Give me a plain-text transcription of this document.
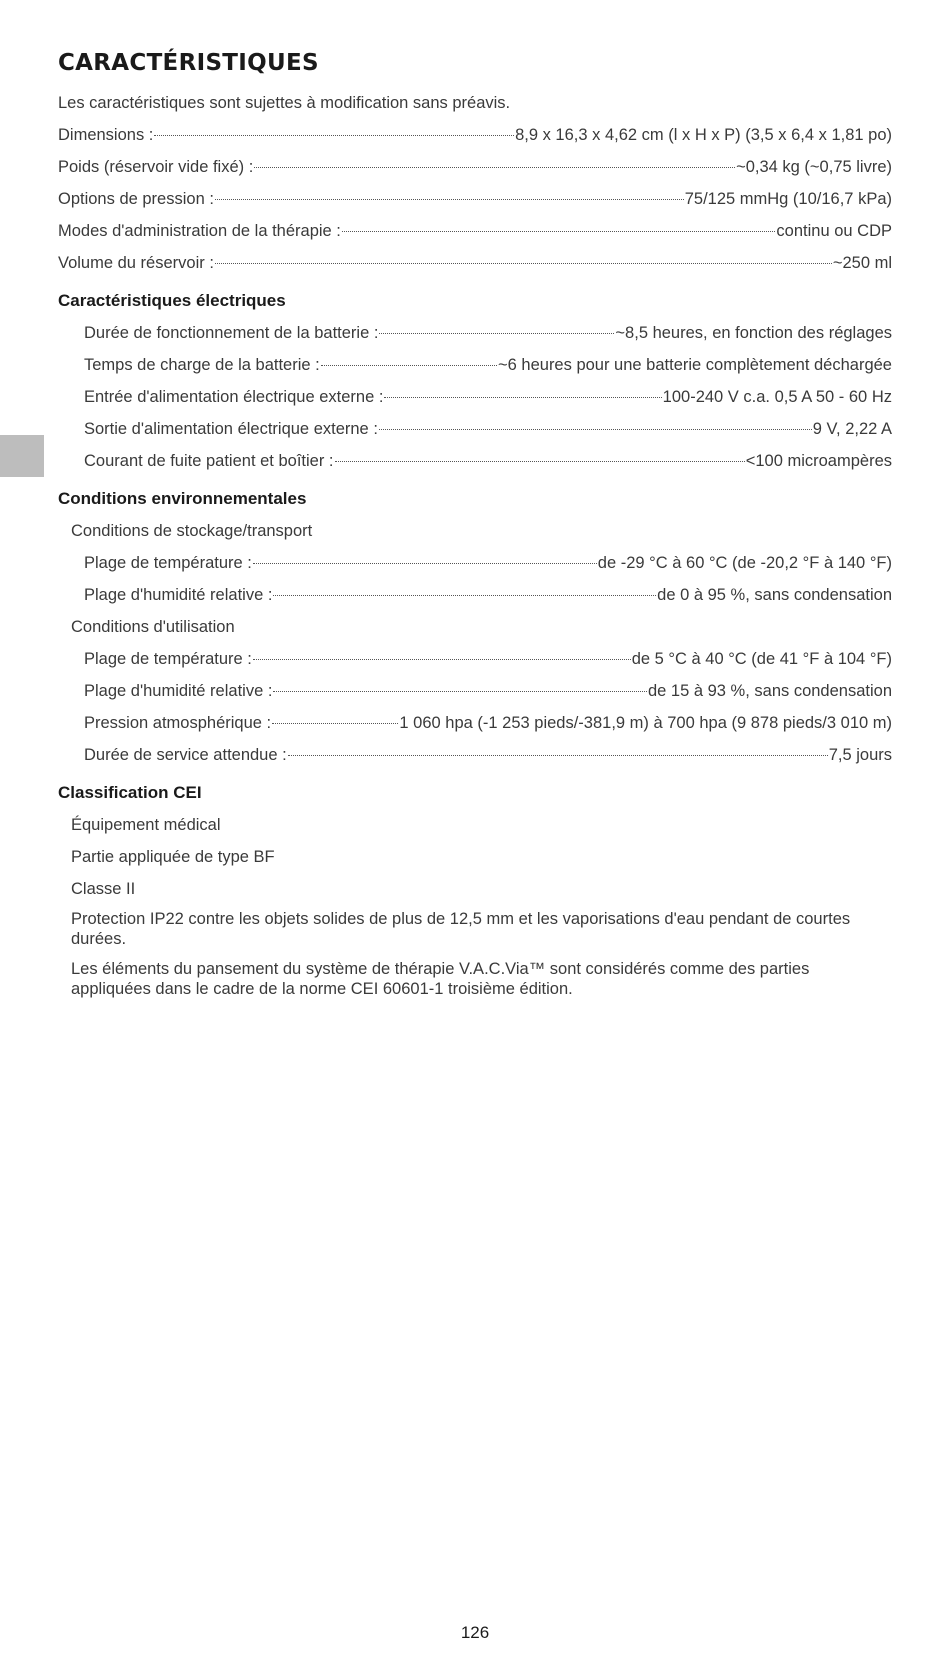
CARACTÉRISTIQUES
Les caractéristiques sont sujettes à modification sans préavis.
Dimensions :	8,9 x 16,3 x 4,62 cm (l x H x P) (3,5 x 6,4 x 1,81 po)
Poids (réservoir vide fixé) :	~0,34 kg (~0,75 livre)
Options de pression :	75/125 mmHg (10/16,7 kPa)
Modes d'administration de la thérapie :	continu ou CDP
Volume du réservoir :	~250 ml
Caractéristiques électriques
Durée de fonctionnement de la batterie :	~8,5 heures, en fonction des réglages
Temps de charge de la batterie :	~6 heures pour une batterie complètement déchargée
Entrée d'alimentation électrique externe :	100-240 V c.a. 0,5 A 50 - 60 Hz
Sortie d'alimentation électrique externe :	9 V, 2,22 A
Courant de fuite patient et boîtier :	<100 microampères
Conditions environnementales
Conditions de stockage/transport
Plage de température :	de -29 °C à 60 °C (de -20,2 °F à 140 °F)
Plage d'humidité relative :	de 0 à 95 %, sans condensation
Conditions d'utilisation
Plage de température :	de 5 °C à 40 °C (de 41 °F à 104 °F)
Plage d'humidité relative :	de 15 à 93 %, sans condensation
Pression atmosphérique :	1 060 hpa (-1 253 pieds/-381,9 m) à 700 hpa (9 878 pieds/3 010 m)
Durée de service attendue :	7,5 jours
Classification CEI
Équipement médical
Partie appliquée de type BF
Classe II
Protection IP22 contre les objets solides de plus de 12,5 mm et les vaporisations d'eau pendant de courtes durées.
Les éléments du pansement du système de thérapie V.A.C.Via™ sont considérés comme des parties appliquées dans le cadre de la norme CEI 60601-1 troisième édition.
126
